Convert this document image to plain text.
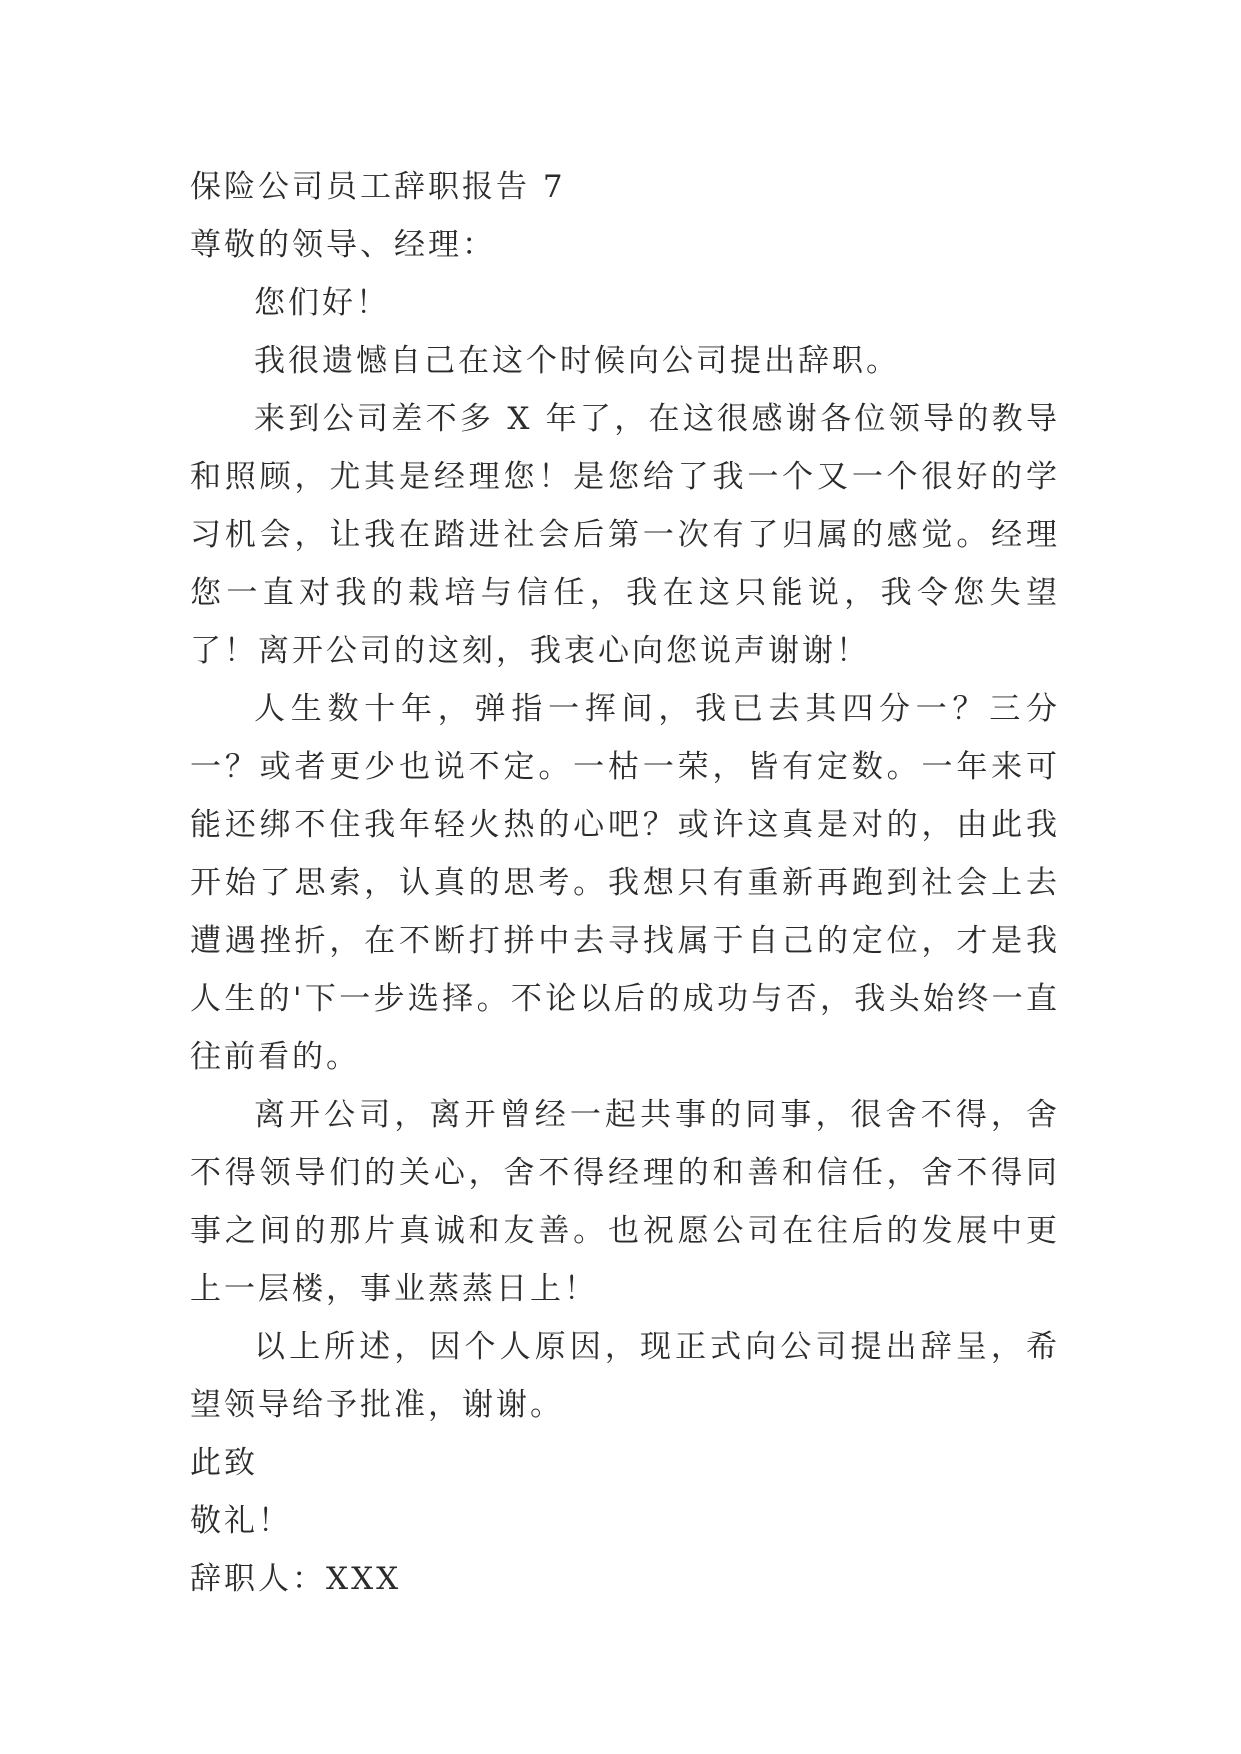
保险公司员工辞职报告 7
尊敬的领导、经理：
您们好！

我很遗憾自己在这个时候向公司提出辞职。

来到公司差不多 X 年了，在这很感谢各位领导的教导和照顾，尤其是经理您！是您给了我一个又一个很好的学习机会，让我在踏进社会后第一次有了归属的感觉。经理您一直对我的栽培与信任，我在这只能说，我令您失望了！离开公司的这刻，我衷心向您说声谢谢！

人生数十年，弹指一挥间，我已去其四分一？三分一？或者更少也说不定。一枯一荣，皆有定数。一年来可能还绑不住我年轻火热的心吧？或许这真是对的，由此我开始了思索，认真的思考。我想只有重新再跑到社会上去遭遇挫折，在不断打拼中去寻找属于自己的定位，才是我人生的'下一步选择。不论以后的成功与否，我头始终一直往前看的。

离开公司，离开曾经一起共事的同事，很舍不得，舍不得领导们的关心，舍不得经理的和善和信任，舍不得同事之间的那片真诚和友善。也祝愿公司在往后的发展中更上一层楼，事业蒸蒸日上！

以上所述，因个人原因，现正式向公司提出辞呈，希望领导给予批准，谢谢。

此致
敬礼！
辞职人：XXX
